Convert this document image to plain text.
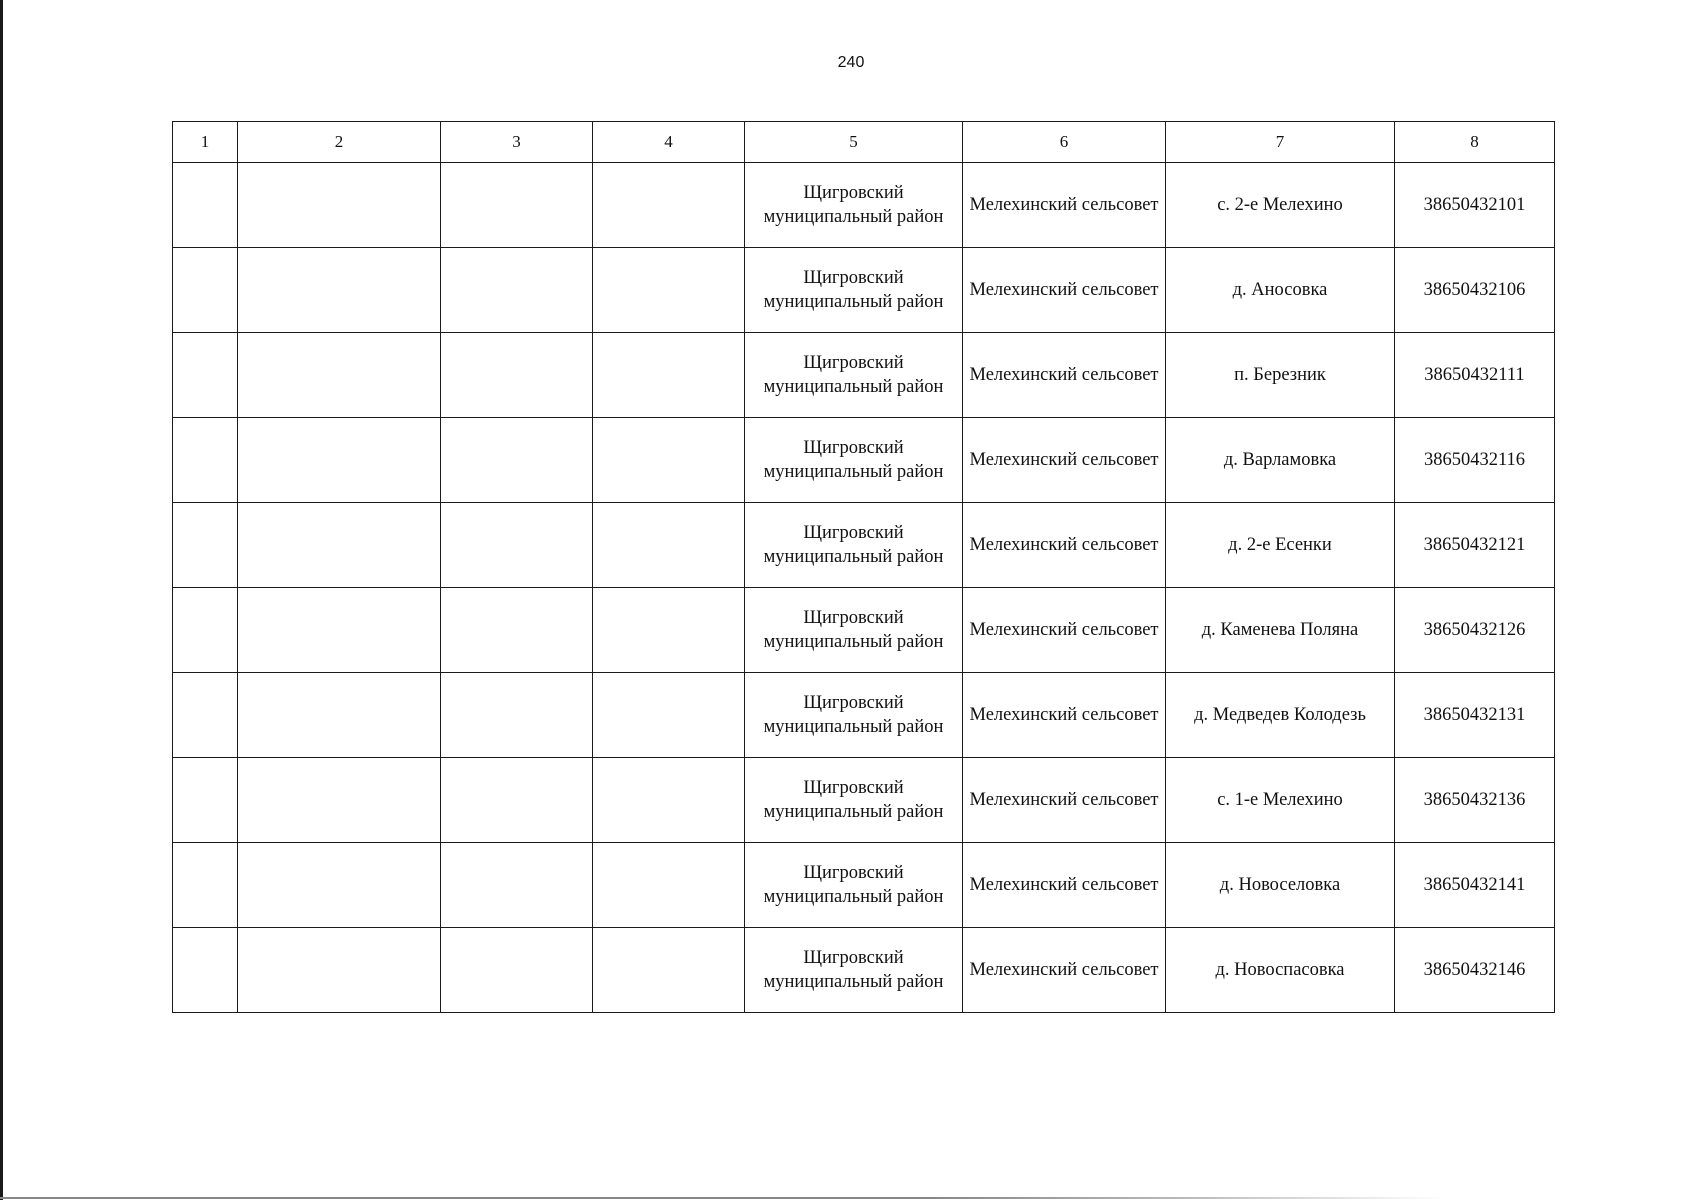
240
1	2	3	4	5	6	7	8
				Щигровский муниципальный район	Мелехинский сельсовет	с. 2-е Мелехино	38650432101
				Щигровский муниципальный район	Мелехинский сельсовет	д. Аносовка	38650432106
				Щигровский муниципальный район	Мелехинский сельсовет	п. Березник	38650432111
				Щигровский муниципальный район	Мелехинский сельсовет	д. Варламовка	38650432116
				Щигровский муниципальный район	Мелехинский сельсовет	д. 2-е Есенки	38650432121
				Щигровский муниципальный район	Мелехинский сельсовет	д. Каменева Поляна	38650432126
				Щигровский муниципальный район	Мелехинский сельсовет	д. Медведев Колодезь	38650432131
				Щигровский муниципальный район	Мелехинский сельсовет	с. 1-е Мелехино	38650432136
				Щигровский муниципальный район	Мелехинский сельсовет	д. Новоселовка	38650432141
				Щигровский муниципальный район	Мелехинский сельсовет	д. Новоспасовка	38650432146
